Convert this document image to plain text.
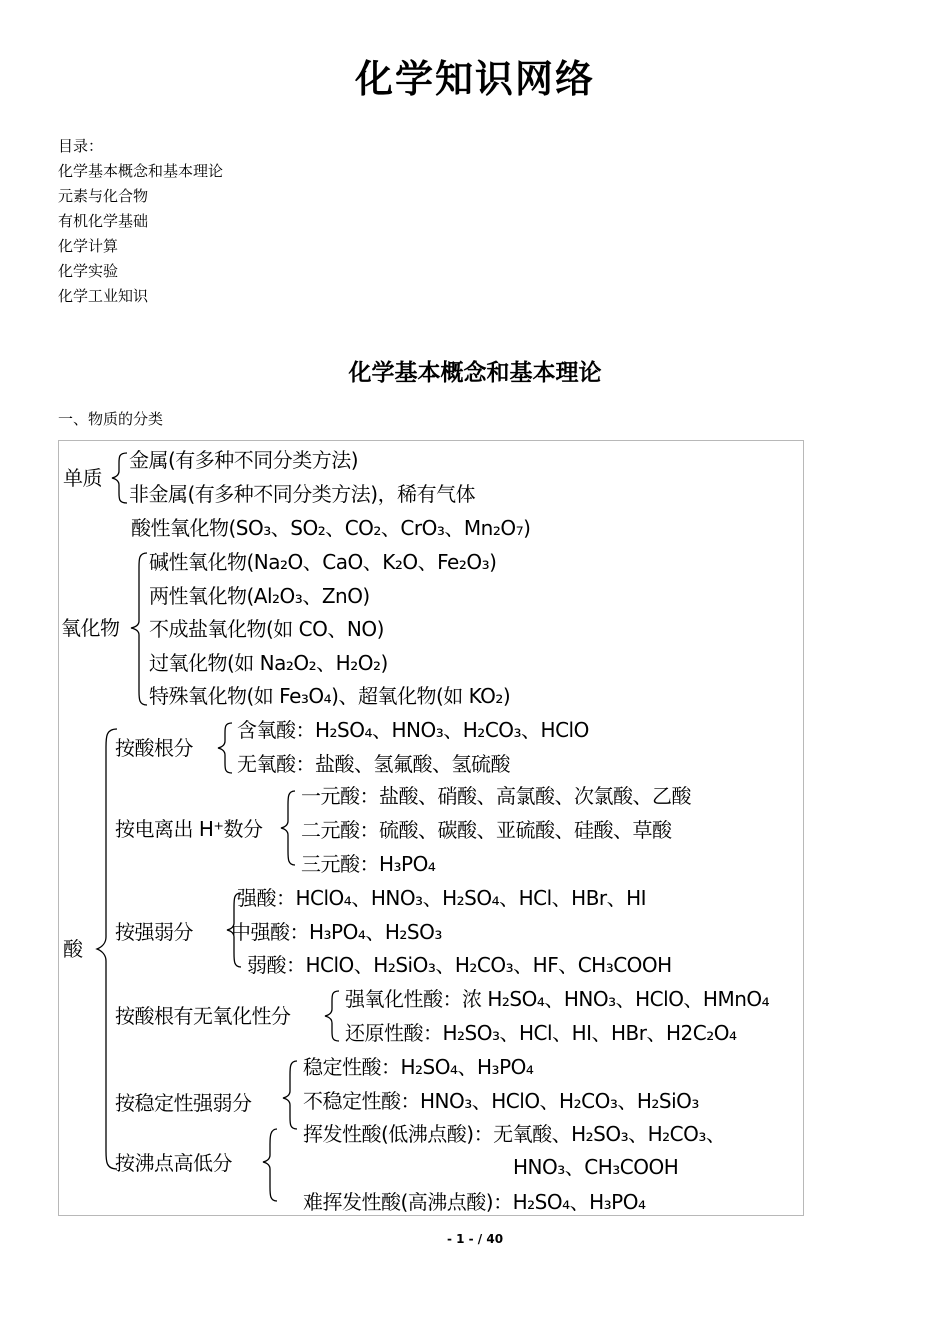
化学知识网络
目录：
化学基本概念和基本理论
元素与化合物
有机化学基础
化学计算
化学实验
化学工业知识
化学基本概念和基本理论
一、物质的分类
单质
金属(有多种不同分类方法)
非金属(有多种不同分类方法)，稀有气体
酸性氧化物(SO₃、SO₂、CO₂、CrO₃、Mn₂O₇)
氧化物
碱性氧化物(Na₂O、CaO、K₂O、Fe₂O₃)
两性氧化物(Al₂O₃、ZnO)
不成盐氧化物(如 CO、NO)
过氧化物(如 Na₂O₂、H₂O₂)
特殊氧化物(如 Fe₃O₄)、超氧化物(如 KO₂)
酸
按酸根分
含氧酸：H₂SO₄、HNO₃、H₂CO₃、HClO
无氧酸：盐酸、氢氟酸、氢硫酸
按电离出 H⁺数分
一元酸：盐酸、硝酸、高氯酸、次氯酸、乙酸
二元酸：硫酸、碳酸、亚硫酸、硅酸、草酸
三元酸：H₃PO₄
按强弱分
强酸：HClO₄、HNO₃、H₂SO₄、HCl、HBr、HI
中强酸：H₃PO₄、H₂SO₃
弱酸：HClO、H₂SiO₃、H₂CO₃、HF、CH₃COOH
按酸根有无氧化性分
强氧化性酸：浓 H₂SO₄、HNO₃、HClO、HMnO₄
还原性酸：H₂SO₃、HCl、HI、HBr、H2C₂O₄
按稳定性强弱分
稳定性酸：H₂SO₄、H₃PO₄
不稳定性酸：HNO₃、HClO、H₂CO₃、H₂SiO₃
按沸点高低分
挥发性酸(低沸点酸)：无氧酸、H₂SO₃、H₂CO₃、
HNO₃、CH₃COOH
难挥发性酸(高沸点酸)：H₂SO₄、H₃PO₄
- 1 - / 40
